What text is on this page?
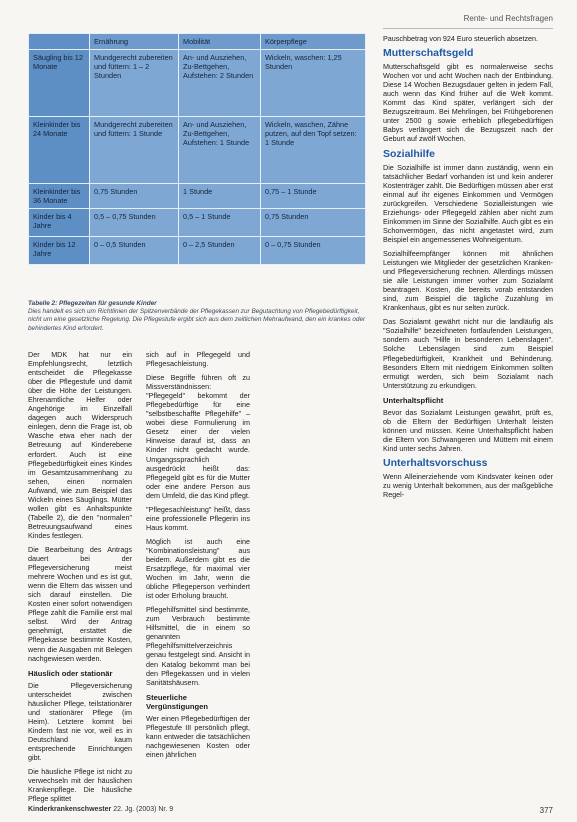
Rente- und Rechtsfragen
	Ernährung	Mobilität	Körperpflege
Säugling bis 12 Monate	Mundgerecht zubereiten und füttern: 1 – 2 Stunden	An- und Ausziehen, Zu-Bettgehen, Aufstehen: 2 Stunden	Wickeln, waschen: 1,25 Stunden
Kleinkinder bis 24 Monate	Mundgerecht zubereiten und füttern: 1 Stunde	An- und Ausziehen, Zu-Bettgehen, Aufstehen: 1 Stunde	Wickeln, waschen, Zähne putzen, auf den Topf setzen: 1 Stunde
Kleinkinder bis 36 Monate	0,75 Stunden	1 Stunde	0,75 – 1 Stunde
Kinder bis 4 Jahre	0,5 – 0,75 Stunden	0,5 – 1 Stunde	0,75 Stunden
Kinder bis 12 Jahre	0 – 0,5 Stunden	0 – 2,5 Stunden	0 – 0,75 Stunden
Tabelle 2: Pflegezeiten für gesunde Kinder
Dies handelt es sich um Richtlinien der Spitzenverbände der Pflegekassen zur Begutachtung von Pflegebedürftigkeit, nicht um eine gesetzliche Regelung. Die Pflegestufe ergibt sich aus dem zeitlichen Mehraufwand, den ein krankes oder behindertes Kind erfordert.

Der MDK hat nur ein Empfehlungsrecht, letztlich entscheidet die Pflegekasse über die Pflegestufe und damit über die Höhe der Leistungen. Ehrenamtliche Helfer oder Angehörige im Einzelfall dagegen auch Widerspruch einlegen, denn die Frage ist, ob Wasche etwa eher nach der Betreuung auf Kinderebene erfordert. Auch ist eine Pflegebedürftigkeit eines Kindes im Gesamtzusammenhang zu sehen, einen normalen Aufwand, wie zum Beispiel das Wickeln eines Säuglings. Mütter wollen gibt es Anhaltspunkte (Tabelle 2), die den "normalen" Betreuungsaufwand eines Kindes festlegen.

Die Bearbeitung des Antrags dauert bei der Pflegeversicherung meist mehrere Wochen und es ist gut, wenn die Eltern das wissen und sich darauf einstellen. Die Kosten einer sofort notwendigen Pflege zahlt die Familie erst mal selbst. Wird der Antrag genehmigt, erstattet die Pflegekasse bestimmte Kosten, wenn die Ausgaben mit Belegen nachgewiesen werden.

Häuslich oder stationär

Die Pflegeversicherung unterscheidet zwischen häuslicher Pflege, teilstationärer und stationärer Pflege (im Heim). Letztere kommt bei Kindern fast nie vor, weil es in Deutschland kaum entsprechende Einrichtungen gibt.

Die häusliche Pflege ist nicht zu verwechseln mit der häuslichen Krankenpflege. Die häusliche Pflege splittet

sich auf in Pflegegeld und Pflegesachleistung.

Diese Begriffe führen oft zu Missverständnissen: "Pflegegeld" bekommt der Pflegebedürftige für eine "selbstbeschaffte Pflegehilfe" – wobei diese Formulierung im Gesetz einer der vielen Hinweise darauf ist, dass an Kinder nicht gedacht wurde. Umgangssprachlich ausgedrückt heißt das: Pflegegeld gibt es für die Mutter oder eine andere Person aus dem Umfeld, die das Kind pflegt.

"Pflegesachleistung" heißt, dass eine professionelle Pflegerin ins Haus kommt.

Möglich ist auch eine "Kombinationsleistung" aus beidem. Außerdem gibt es die Ersatzpflege, für maximal vier Wochen im Jahr, wenn die übliche Pflegeperson verhindert ist oder Erholung braucht.

Pflegehilfsmittel sind bestimmte, zum Verbrauch bestimmte Hilfsmittel, die in einem so genannten Pflegehilfsmittelverzeichnis genau festgelegt sind. Ansicht in den Katalog bekommt man bei den Pflegekassen und in vielen Sanitätshäusern.

Steuerliche Vergünstigungen

Wer einen Pflegebedürftigen der Pflegestufe III persönlich pflegt, kann entweder die tatsächlichen nachgewiesenen Kosten oder einen jährlichen

Pauschbetrag von 924 Euro steuerlich absetzen.

Mutterschaftsgeld

Mutterschaftsgeld gibt es normalerweise sechs Wochen vor und acht Wochen nach der Entbindung. Diese 14 Wochen Bezugsdauer gelten in jedem Fall, auch wenn das Kind früher auf die Welt kommt. Kommt das Kind später, verlängert sich der Bezugszeitraum. Bei Mehrlingen, bei Frühgeborenen unter 2500 g sowie erheblich pflegebedürftigen Babys verlängert sich die Bezugszeit nach der Geburt auf zwölf Wochen.

Sozialhilfe

Die Sozialhilfe ist immer dann zuständig, wenn ein tatsächlicher Bedarf vorhanden ist und kein anderer Kostenträger zahlt. Die Bedürftigen müssen aber erst einmal auf ihr eigenes Einkommen und Vermögen zurückgreifen. Verschiedene Sozialleistungen wie Erziehungs- oder Pflegegeld zählen aber nicht zum Einkommen im Sinne der Sozialhilfe. Auch gibt es ein Schonvermögen, das nicht angetastet wird, zum Beispiel ein angemessenes Wohneigentum.

Sozialhilfeempfänger können mit ähnlichen Leistungen wie Mitglieder der gesetzlichen Kranken- und Pflegeversicherung rechnen. Allerdings müssen sie alle Leistungen immer vorher zum Sozialamt beantragen. Kosten, die bereits vorab entstanden sind, zum Beispiel die tägliche Zuzahlung im Krankenhaus, gibt es nur selten zurück.

Das Sozialamt gewährt nicht nur die landläufig als "Sozialhilfe" bezeichneten fortlaufenden Leistungen, sondern auch "Hilfe in besonderen Lebenslagen". Solche Lebenslagen sind zum Beispiel Pflegebedürftigkeit, Krankheit und Behinderung. Besonders Eltern mit niedrigem Einkommen sollten ermutigt werden, sich beim Sozialamt nach Unterstützung zu erkundigen.

Unterhaltspflicht

Bevor das Sozialamt Leistungen gewährt, prüft es, ob die Eltern der Bedürftigen Unterhalt leisten können und müssen. Keine Unterhaltspflicht haben die Eltern von Schwangeren und Müttern mit einem Kind unter sechs Jahren.

Unterhaltsvorschuss

Wenn Alleinerziehende vom Kindsvater keinen oder zu wenig Unterhalt bekommen, aus der maßgebliche Regel-

Kinderkrankenschwester 22. Jg. (2003) Nr. 9	377
